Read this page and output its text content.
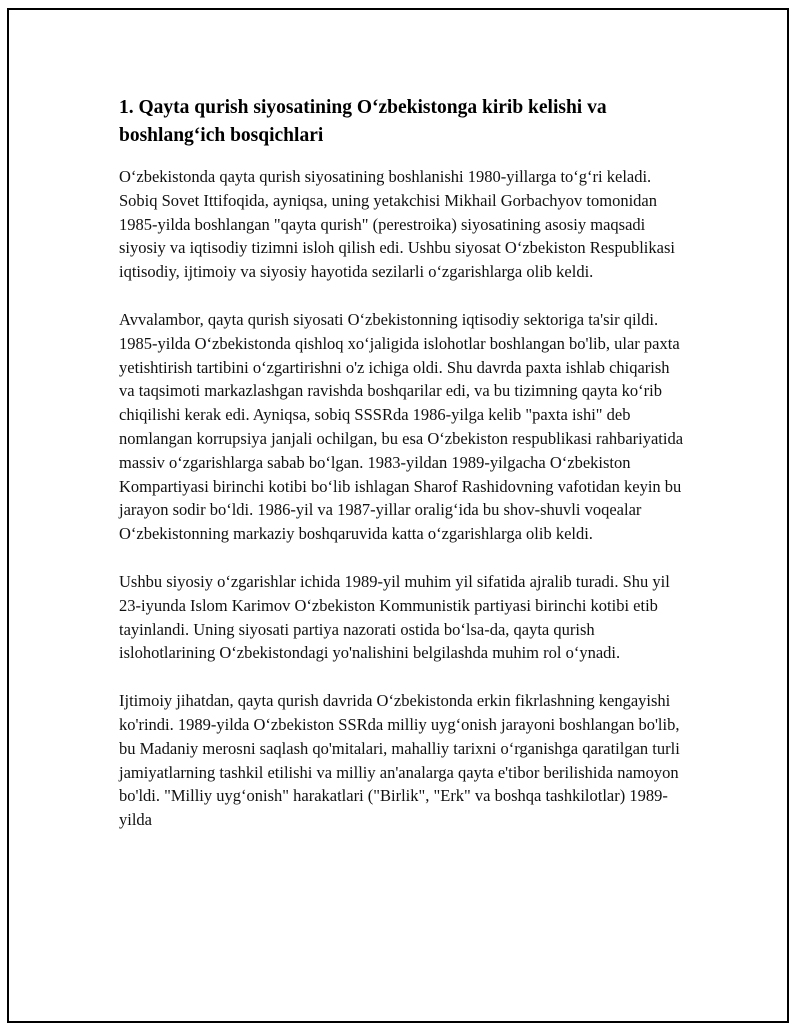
1. Qayta qurish siyosatining O‘zbekistonga kirib kelishi va boshlang‘ich bosqichlari

O‘zbekistonda qayta qurish siyosatining boshlanishi 1980-yillarga to‘g‘ri keladi. Sobiq Sovet Ittifoqida, ayniqsa, uning yetakchisi Mikhail Gorbachyov tomonidan 1985-yilda boshlangan "qayta qurish" (perestroika) siyosatining asosiy maqsadi siyosiy va iqtisodiy tizimni isloh qilish edi. Ushbu siyosat O‘zbekiston Respublikasi iqtisodiy, ijtimoiy va siyosiy hayotida sezilarli o‘zgarishlarga olib keldi.

Avvalambor, qayta qurish siyosati O‘zbekistonning iqtisodiy sektoriga ta'sir qildi. 1985-yilda O‘zbekistonda qishloq xo‘jaligida islohotlar boshlangan bo'lib, ular paxta yetishtirish tartibini o‘zgartirishni o'z ichiga oldi. Shu davrda paxta ishlab chiqarish va taqsimoti markazlashgan ravishda boshqarilar edi, va bu tizimning qayta ko‘rib chiqilishi kerak edi. Ayniqsa, sobiq SSSRda 1986-yilga kelib "paxta ishi" deb nomlangan korrupsiya janjali ochilgan, bu esa O‘zbekiston respublikasi rahbariyatida massiv o‘zgarishlarga sabab bo‘lgan. 1983-yildan 1989-yilgacha O‘zbekiston Kompartiyasi birinchi kotibi bo‘lib ishlagan Sharof Rashidovning vafotidan keyin bu jarayon sodir bo‘ldi. 1986-yil va 1987-yillar oralig‘ida bu shov-shuvli voqealar O‘zbekistonning markaziy boshqaruvida katta o‘zgarishlarga olib keldi.

Ushbu siyosiy o‘zgarishlar ichida 1989-yil muhim yil sifatida ajralib turadi. Shu yil 23-iyunda Islom Karimov O‘zbekiston Kommunistik partiyasi birinchi kotibi etib tayinlandi. Uning siyosati partiya nazorati ostida bo‘lsa-da, qayta qurish islohotlarining O‘zbekistondagi yo'nalishini belgilashda muhim rol o‘ynadi.

Ijtimoiy jihatdan, qayta qurish davrida O‘zbekistonda erkin fikrlashning kengayishi ko'rindi. 1989-yilda O‘zbekiston SSRda milliy uyg‘onish jarayoni boshlangan bo'lib, bu Madaniy merosni saqlash qo'mitalari, mahalliy tarixni o‘rganishga qaratilgan turli jamiyatlarning tashkil etilishi va milliy an'analarga qayta e'tibor berilishida namoyon bo'ldi. "Milliy uyg‘onish" harakatlari ("Birlik", "Erk" va boshqa tashkilotlar) 1989-yilda
